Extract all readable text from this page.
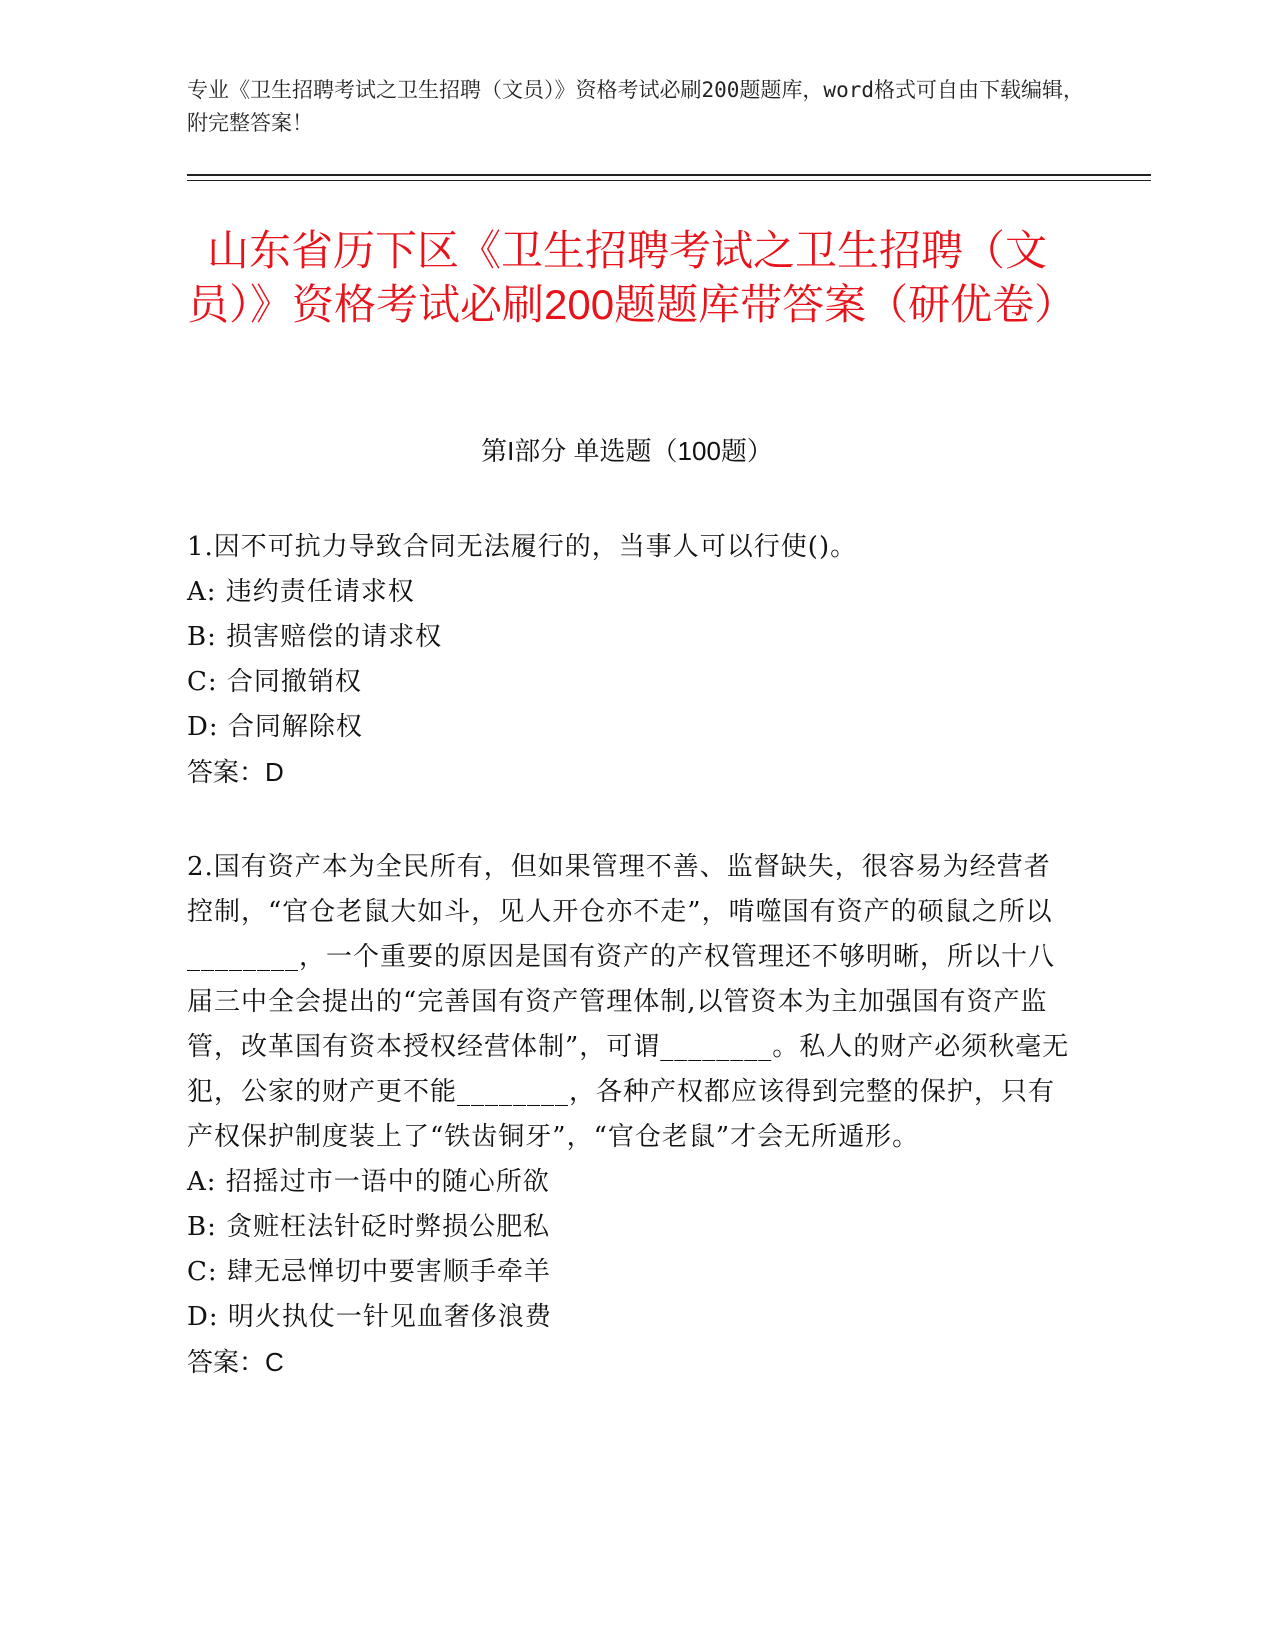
专业《卫生招聘考试之卫生招聘（文员）》资格考试必刷200题题库，word格式可自由下载编辑，附完整答案！
山东省历下区《卫生招聘考试之卫生招聘（文员）》资格考试必刷200题题库带答案（研优卷）
第I部分 单选题（100题）

1.因不可抗力导致合同无法履行的，当事人可以行使()。

A: 违约责任请求权

B: 损害赔偿的请求权

C: 合同撤销权

D: 合同解除权

答案：D

2.国有资产本为全民所有，但如果管理不善、监督缺失，很容易为经营者控制，“官仓老鼠大如斗，见人开仓亦不走”，啃噬国有资产的硕鼠之所以________，一个重要的原因是国有资产的产权管理还不够明晰，所以十八届三中全会提出的“完善国有资产管理体制,以管资本为主加强国有资产监管，改革国有资本授权经营体制”，可谓________。私人的财产必须秋毫无犯，公家的财产更不能________，各种产权都应该得到完整的保护，只有产权保护制度装上了“铁齿铜牙”，“官仓老鼠”才会无所遁形。

A: 招摇过市一语中的随心所欲

B: 贪赃枉法针砭时弊损公肥私

C: 肆无忌惮切中要害顺手牵羊

D: 明火执仗一针见血奢侈浪费

答案：C
